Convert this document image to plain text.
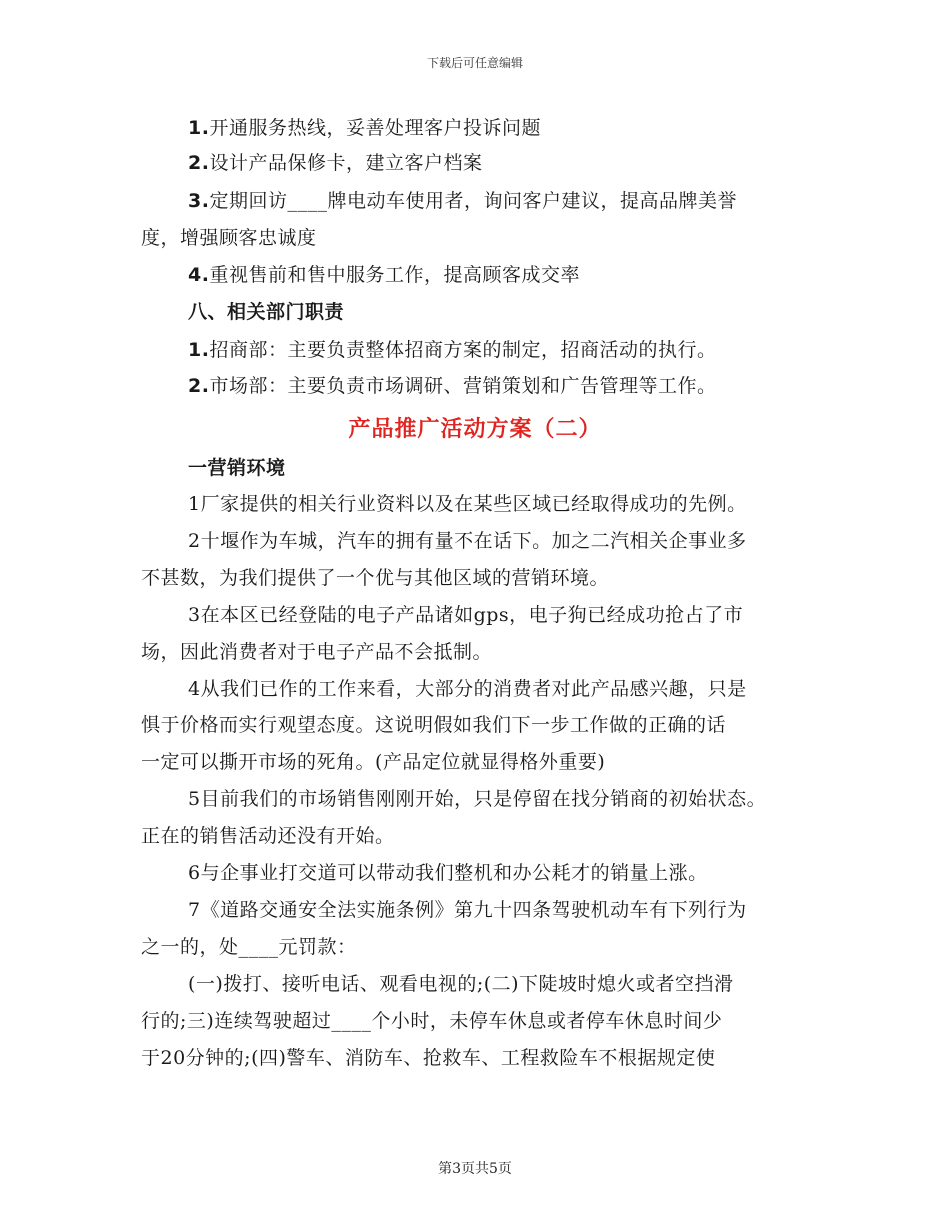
下载后可任意编辑
1.开通服务热线，妥善处理客户投诉问题
2.设计产品保修卡，建立客户档案
3.定期回访____牌电动车使用者，询问客户建议，提高品牌美誉
度，增强顾客忠诚度
4.重视售前和售中服务工作，提高顾客成交率
八、相关部门职责
1.招商部：主要负责整体招商方案的制定，招商活动的执行。
2.市场部：主要负责市场调研、营销策划和广告管理等工作。
产品推广活动方案（二）
一营销环境
1厂家提供的相关行业资料以及在某些区域已经取得成功的先例。
2十堰作为车城，汽车的拥有量不在话下。加之二汽相关企事业多
不甚数，为我们提供了一个优与其他区域的营销环境。
3在本区已经登陆的电子产品诸如gps，电子狗已经成功抢占了市
场，因此消费者对于电子产品不会抵制。
4从我们已作的工作来看，大部分的消费者对此产品感兴趣，只是
惧于价格而实行观望态度。这说明假如我们下一步工作做的正确的话
一定可以撕开市场的死角。(产品定位就显得格外重要)
5目前我们的市场销售刚刚开始，只是停留在找分销商的初始状态。
正在的销售活动还没有开始。
6与企事业打交道可以带动我们整机和办公耗才的销量上涨。
7《道路交通安全法实施条例》第九十四条驾驶机动车有下列行为
之一的，处____元罚款：
(一)拨打、接听电话、观看电视的;(二)下陡坡时熄火或者空挡滑
行的;三)连续驾驶超过____个小时，未停车休息或者停车休息时间少
于20分钟的;(四)警车、消防车、抢救车、工程救险车不根据规定使
第3页共5页
